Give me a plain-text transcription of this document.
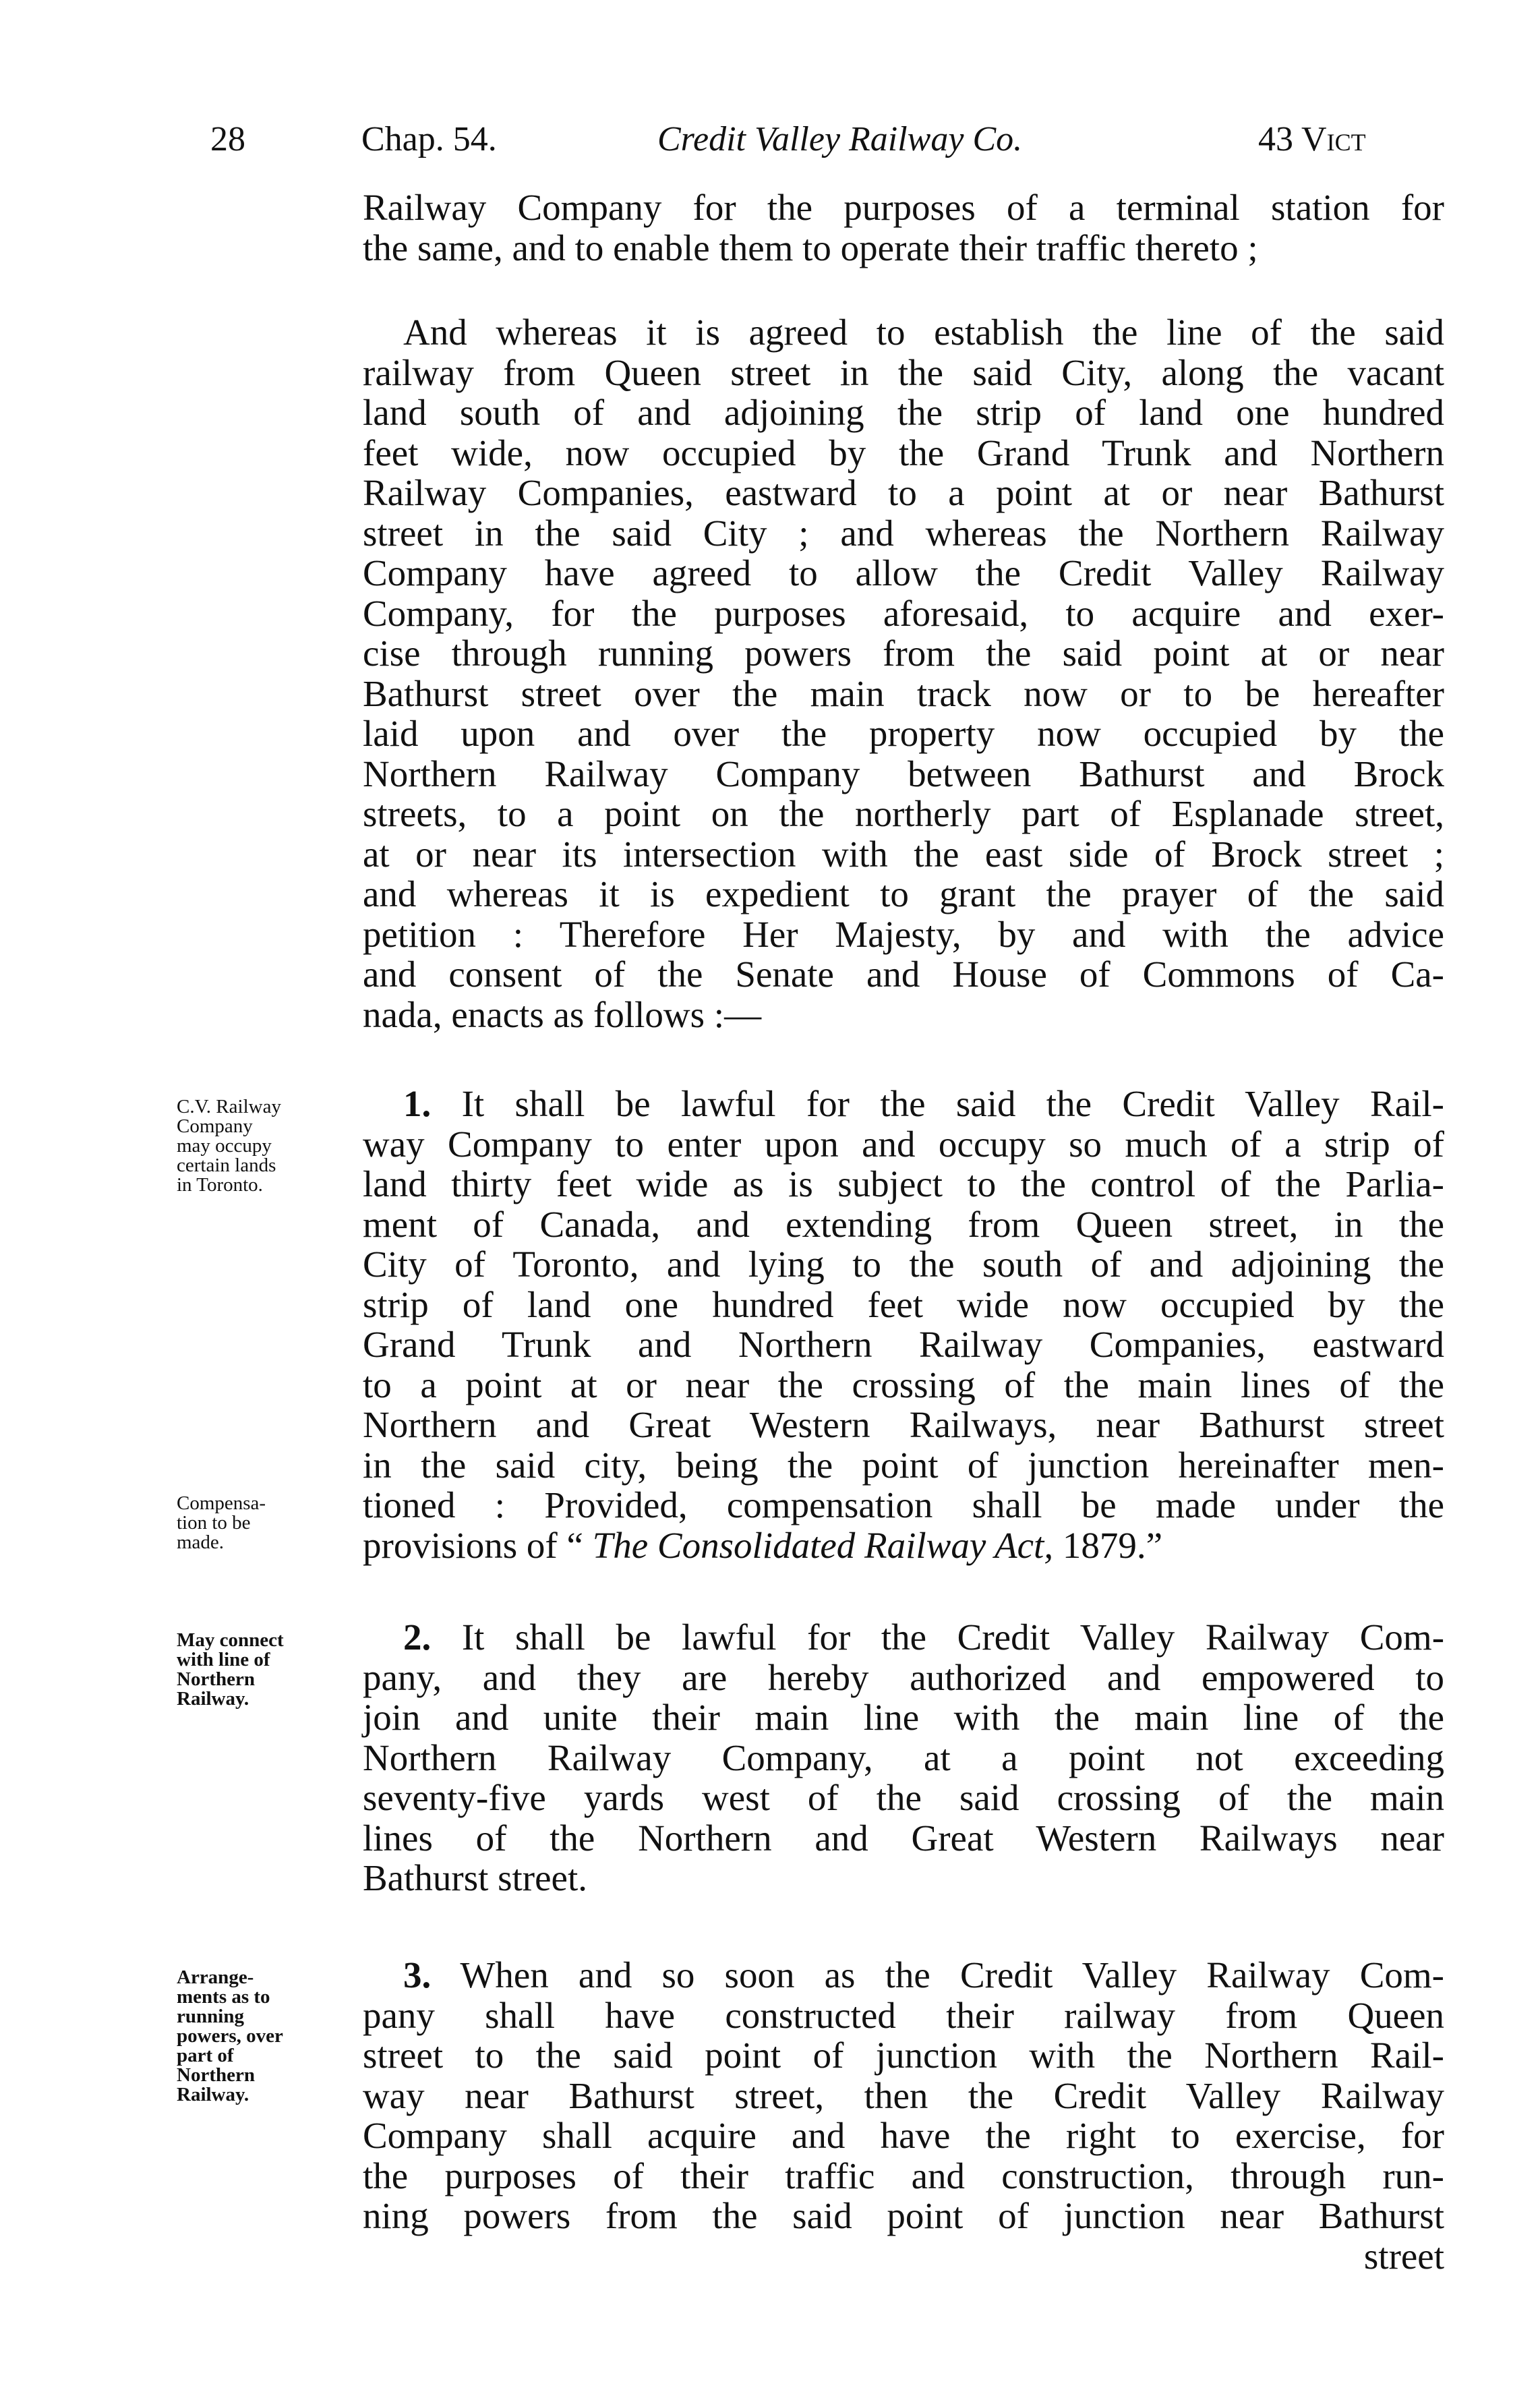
28	Chap. 54.	Credit Valley Railway Co.	43 Vict
Railway Company for the purposes of a terminal station for
the same, and to enable them to operate their traffic thereto ;
And whereas it is agreed to establish the line of the said
railway from Queen street in the said City, along the vacant
land south of and adjoining the strip of land one hundred
feet wide, now occupied by the Grand Trunk and Northern
Railway Companies, eastward to a point at or near Bathurst
street in the said City ; and whereas the Northern Railway
Company have agreed to allow the Credit Valley Railway
Company, for the purposes aforesaid, to acquire and exer-
cise through running powers from the said point at or near
Bathurst street over the main track now or to be hereafter
laid upon and over the property now occupied by the
Northern Railway Company between Bathurst and Brock
streets, to a point on the northerly part of Esplanade street,
at or near its intersection with the east side of Brock street ;
and whereas it is expedient to grant the prayer of the said
petition : Therefore Her Majesty, by and with the advice
and consent of the Senate and House of Commons of Ca-
nada, enacts as follows :—
1. It shall be lawful for the said the Credit Valley Rail-
way Company to enter upon and occupy so much of a strip of
land thirty feet wide as is subject to the control of the Parlia-
ment of Canada, and extending from Queen street, in the
City of Toronto, and lying to the south of and adjoining the
strip of land one hundred feet wide now occupied by the
Grand Trunk and Northern Railway Companies, eastward
to a point at or near the crossing of the main lines of the
Northern and Great Western Railways, near Bathurst street
in the said city, being the point of junction hereinafter men-
tioned : Provided, compensation shall be made under the
provisions of “ The Consolidated Railway Act, 1879.”
2. It shall be lawful for the Credit Valley Railway Com-
pany, and they are hereby authorized and empowered to
join and unite their main line with the main line of the
Northern Railway Company, at a point not exceeding
seventy-five yards west of the said crossing of the main
lines of the Northern and Great Western Railways near
Bathurst street.
3. When and so soon as the Credit Valley Railway Com-
pany shall have constructed their railway from Queen
street to the said point of junction with the Northern Rail-
way near Bathurst street, then the Credit Valley Railway
Company shall acquire and have the right to exercise, for
the purposes of their traffic and construction, through run-
ning powers from the said point of junction near Bathurst
street
C.V. Railway
Company
may occupy
certain lands
in Toronto.
Compensa-
tion to be
made.
May connect
with line of
Northern
Railway.
Arrange-
ments as to
running
powers, over
part of
Northern
Railway.
